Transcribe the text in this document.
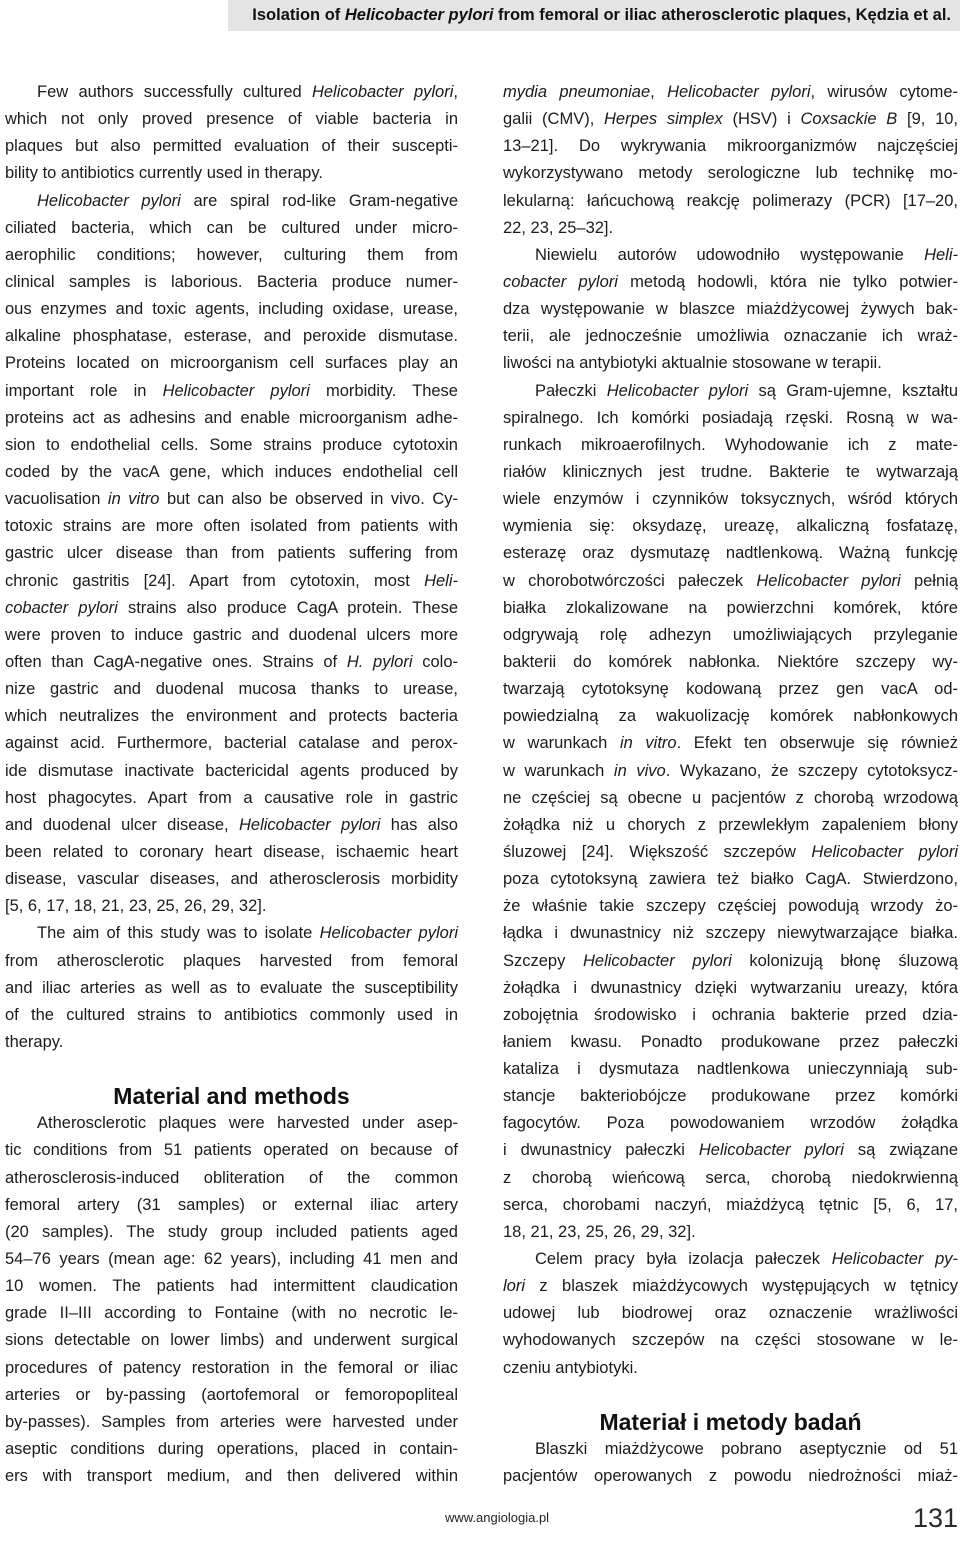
Isolation of Helicobacter pylori from femoral or iliac atherosclerotic plaques, Kędzia et al.
Few authors successfully cultured Helicobacter pylori,
which not only proved presence of viable bacteria in
plaques but also permitted evaluation of their suscepti-
bility to antibiotics currently used in therapy.
Helicobacter pylori are spiral rod-like Gram-negative
ciliated bacteria, which can be cultured under micro-
aerophilic conditions; however, culturing them from
clinical samples is laborious. Bacteria produce numer-
ous enzymes and toxic agents, including oxidase, urease,
alkaline phosphatase, esterase, and peroxide dismutase.
Proteins located on microorganism cell surfaces play an
important role in Helicobacter pylori morbidity. These
proteins act as adhesins and enable microorganism adhe-
sion to endothelial cells. Some strains produce cytotoxin
coded by the vacA gene, which induces endothelial cell
vacuolisation in vitro but can also be observed in vivo. Cy-
totoxic strains are more often isolated from patients with
gastric ulcer disease than from patients suffering from
chronic gastritis [24]. Apart from cytotoxin, most Heli-
cobacter pylori strains also produce CagA protein. These
were proven to induce gastric and duodenal ulcers more
often than CagA-negative ones. Strains of H. pylori colo-
nize gastric and duodenal mucosa thanks to urease,
which neutralizes the environment and protects bacteria
against acid. Furthermore, bacterial catalase and perox-
ide dismutase inactivate bactericidal agents produced by
host phagocytes. Apart from a causative role in gastric
and duodenal ulcer disease, Helicobacter pylori has also
been related to coronary heart disease, ischaemic heart
disease, vascular diseases, and atherosclerosis morbidity
[5, 6, 17, 18, 21, 23, 25, 26, 29, 32].
The aim of this study was to isolate Helicobacter pylori
from atherosclerotic plaques harvested from femoral
and iliac arteries as well as to evaluate the susceptibility
of the cultured strains to antibiotics commonly used in
therapy.
Material and methods
Atherosclerotic plaques were harvested under asep-
tic conditions from 51 patients operated on because of
atherosclerosis-induced obliteration of the common
femoral artery (31 samples) or external iliac artery
(20 samples). The study group included patients aged
54–76 years (mean age: 62 years), including 41 men and
10 women. The patients had intermittent claudication
grade II–III according to Fontaine (with no necrotic le-
sions detectable on lower limbs) and underwent surgical
procedures of patency restoration in the femoral or iliac
arteries or by-passing (aortofemoral or femoropopliteal
by-passes). Samples from arteries were harvested under
aseptic conditions during operations, placed in contain-
ers with transport medium, and then delivered within
mydia pneumoniae, Helicobacter pylori, wirusów cytome-
galii (CMV), Herpes simplex (HSV) i Coxsackie B [9, 10,
13–21]. Do wykrywania mikroorganizmów najczęściej
wykorzystywano metody serologiczne lub technikę mo-
lekularną: łańcuchową reakcję polimerazy (PCR) [17–20,
22, 23, 25–32].
Niewielu autorów udowodniło występowanie Heli-
cobacter pylori metodą hodowli, która nie tylko potwier-
dza występowanie w blaszce miażdżycowej żywych bak-
terii, ale jednocześnie umożliwia oznaczanie ich wraż-
liwości na antybiotyki aktualnie stosowane w terapii.
Pałeczki Helicobacter pylori są Gram-ujemne, kształtu
spiralnego. Ich komórki posiadają rzęski. Rosną w wa-
runkach mikroaerofilnych. Wyhodowanie ich z mate-
riałów klinicznych jest trudne. Bakterie te wytwarzają
wiele enzymów i czynników toksycznych, wśród których
wymienia się: oksydazę, ureazę, alkaliczną fosfatazę,
esterazę oraz dysmutazę nadtlenkową. Ważną funkcję
w chorobotwórczości pałeczek Helicobacter pylori pełnią
białka zlokalizowane na powierzchni komórek, które
odgrywają rolę adhezyn umożliwiających przyleganie
bakterii do komórek nabłonka. Niektóre szczepy wy-
twarzają cytotoksynę kodowaną przez gen vacA od-
powiedzialną za wakuolizację komórek nabłonkowych
w warunkach in vitro. Efekt ten obserwuje się również
w warunkach in vivo. Wykazano, że szczepy cytotoksycz-
ne częściej są obecne u pacjentów z chorobą wrzodową
żołądka niż u chorych z przewlekłym zapaleniem błony
śluzowej [24]. Większość szczepów Helicobacter pylori
poza cytotoksyną zawiera też białko CagA. Stwierdzono,
że właśnie takie szczepy częściej powodują wrzody żo-
łądka i dwunastnicy niż szczepy niewytwarzające białka.
Szczepy Helicobacter pylori kolonizują błonę śluzową
żołądka i dwunastnicy dzięki wytwarzaniu ureazy, która
zobojętnia środowisko i ochrania bakterie przed dzia-
łaniem kwasu. Ponadto produkowane przez pałeczki
kataliza i dysmutaza nadtlenkowa unieczynniają sub-
stancje bakteriobójcze produkowane przez komórki
fagocytów. Poza powodowaniem wrzodów żołądka
i dwunastnicy pałeczki Helicobacter pylori są związane
z chorobą wieńcową serca, chorobą niedokrwienną
serca, chorobami naczyń, miażdżycą tętnic [5, 6, 17,
18, 21, 23, 25, 26, 29, 32].
Celem pracy była izolacja pałeczek Helicobacter py-
lori z blaszek miażdżycowych występujących w tętnicy
udowej lub biodrowej oraz oznaczenie wrażliwości
wyhodowanych szczepów na części stosowane w le-
czeniu antybiotyki.
Materiał i metody badań
Blaszki miażdżycowe pobrano aseptycznie od 51
pacjentów operowanych z powodu niedrożności miaż-
www.angiologia.pl	131
